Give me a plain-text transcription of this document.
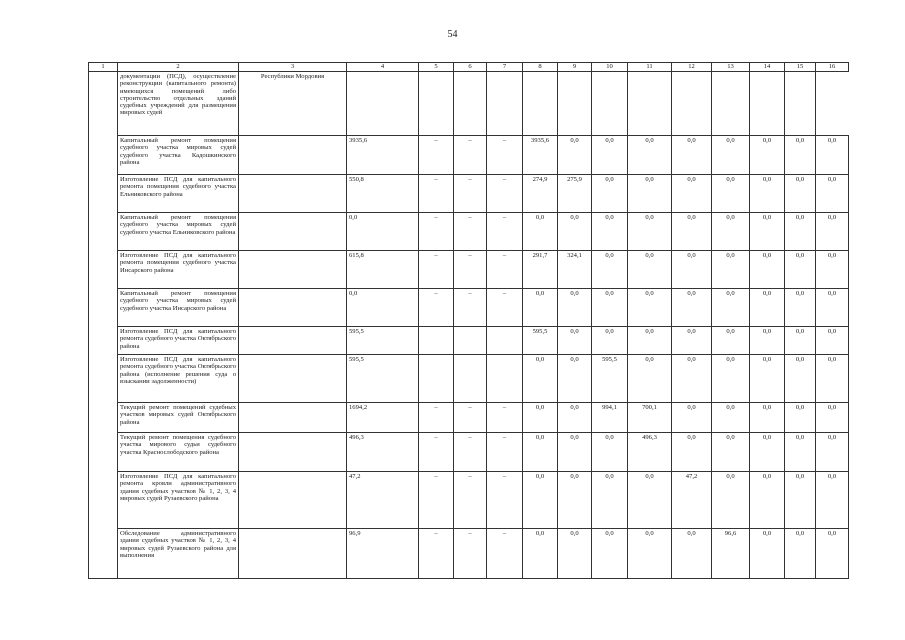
54
1	2	3	4	5	6	7	8	9	10	11	12	13	14	15	16
	документации (ПСД), осуществление реконструкции (капитального ремонта) имеющихся помещений либо строительство отдельных зданий судебных учреждений для размещения мировых судей	Республики Мордовия													
	Капитальный ремонт помещения судебного участка мировых судей судебного участка Кадошкинского района		3935,6	–	–	–	3935,6	0,0	0,0	0,0	0,0	0,0	0,0	0,0	0,0
	Изготовление ПСД для капитального ремонта помещения судебного участка Ельниковского района		550,8	–	–	–	274,9	275,9	0,0	0,0	0,0	0,0	0,0	0,0	0,0
	Капитальный ремонт помещения судебного участка мировых судей судебного участка Ельниковского района		0,0	–	–	–	0,0	0,0	0,0	0,0	0,0	0,0	0,0	0,0	0,0
	Изготовление ПСД для капитального ремонта помещения судебного участка Инсарского района		615,8	–	–	–	291,7	324,1	0,0	0,0	0,0	0,0	0,0	0,0	0,0
	Капитальный ремонт помещения судебного участка мировых судей судебного участка Инсарского района		0,0	–	–	–	0,0	0,0	0,0	0,0	0,0	0,0	0,0	0,0	0,0
	Изготовление ПСД для капитального ремонта судебного участка Октябрьского района		595,5				595,5	0,0	0,0	0,0	0,0	0,0	0,0	0,0	0,0
	Изготовление ПСД для капитального ремонта судебного участка Октябрьского района (исполнение решения суда о взыскании задолженности)		595,5				0,0	0,0	595,5	0,0	0,0	0,0	0,0	0,0	0,0
	Текущий ремонт помещений судебных участков мировых судей Октябрьского района		1694,2	–	–	–	0,0	0,0	994,1	700,1	0,0	0,0	0,0	0,0	0,0
	Текущий ремонт помещения судебного участка мирового судьи судебного участка Краснослободского района		496,3	–	–	–	0,0	0,0	0,0	496,3	0,0	0,0	0,0	0,0	0,0
	Изготовление ПСД для капитального ремонта кровли административного здания судебных участков № 1, 2, 3, 4 мировых судей Рузаевского района		47,2	–	–	–	0,0	0,0	0,0	0,0	47,2	0,0	0,0	0,0	0,0
	Обследование административного здания судебных участков № 1, 2, 3, 4 мировых судей Рузаевского района для выполнения		96,9	–	–	–	0,0	0,0	0,0	0,0	0,0	96,6	0,0	0,0	0,0
